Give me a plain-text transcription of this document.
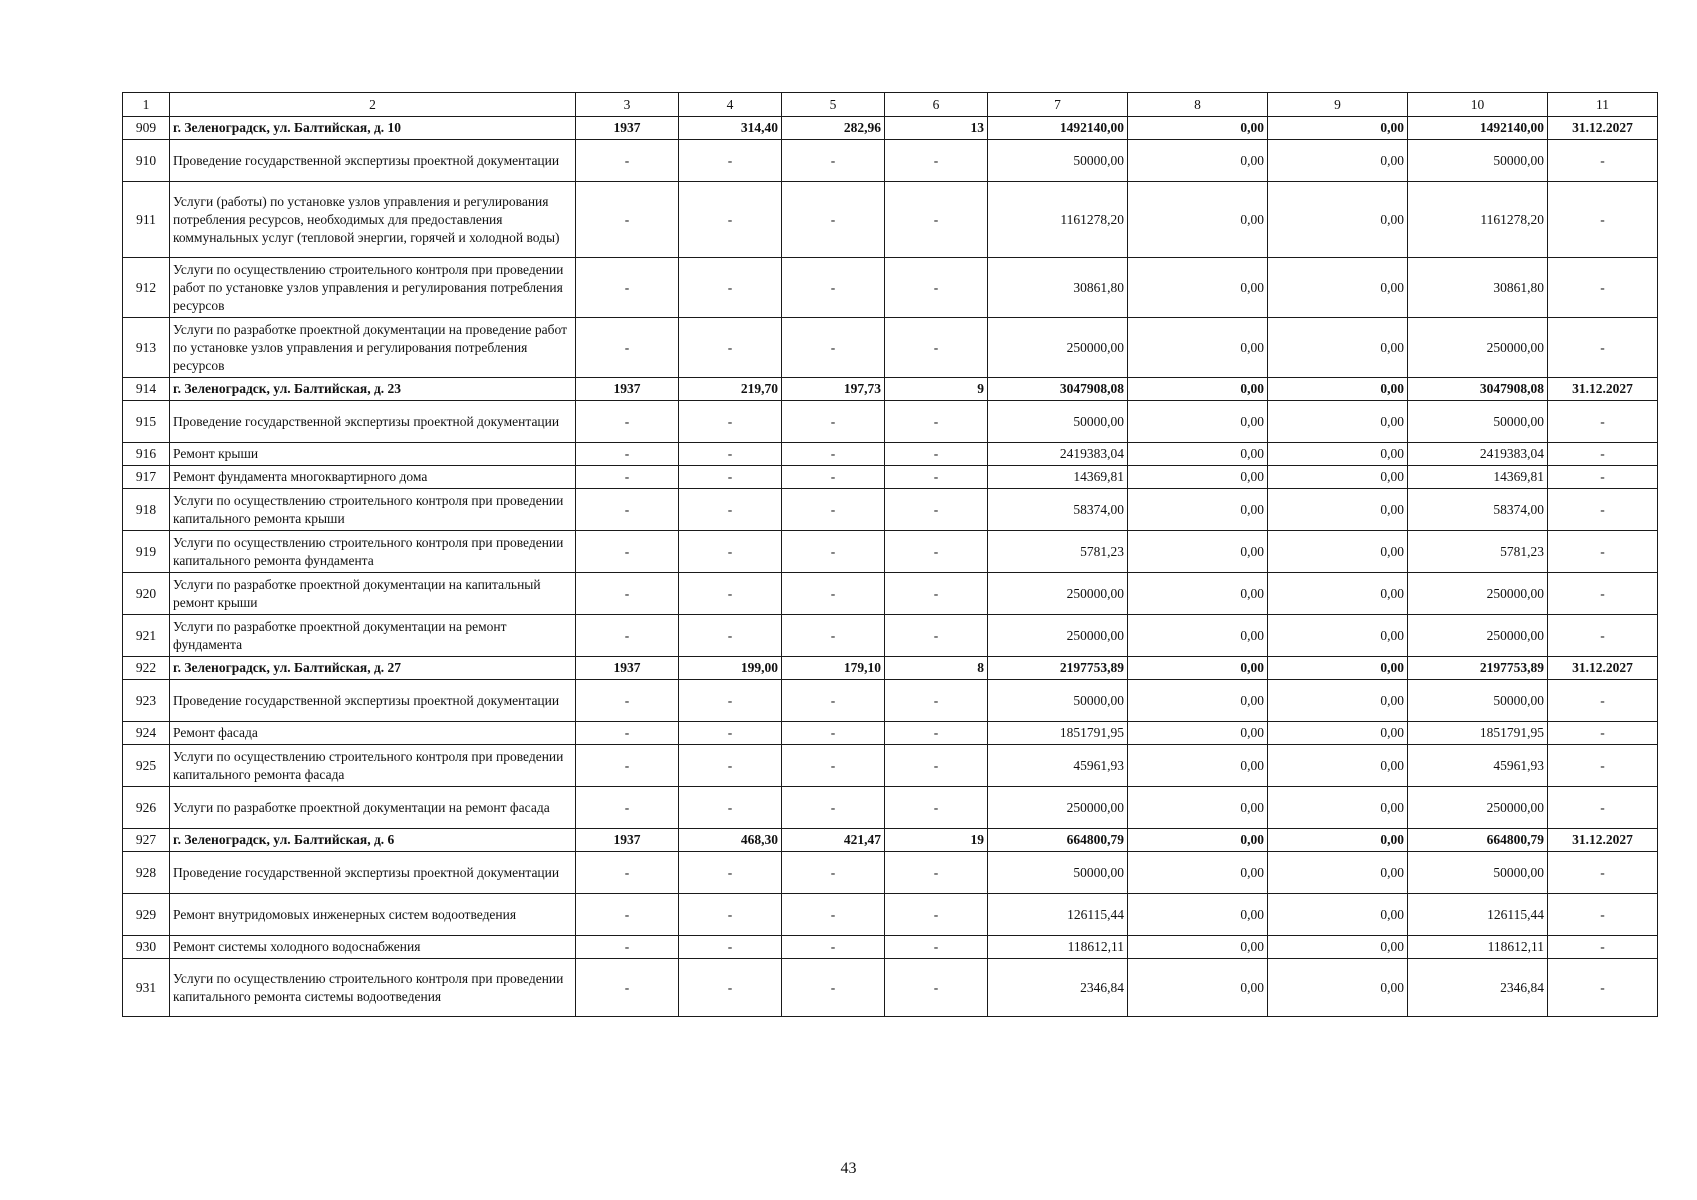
1	2	3	4	5	6	7	8	9	10	11
909	г. Зеленоградск, ул. Балтийская, д. 10	1937	314,40	282,96	13	1492140,00	0,00	0,00	1492140,00	31.12.2027
910	Проведение государственной экспертизы проектной документации	-	-	-	-	50000,00	0,00	0,00	50000,00	-
911	Услуги (работы) по установке узлов управления и регулирования потребления ресурсов, необходимых для предоставления коммунальных услуг (тепловой энергии, горячей и холодной воды)	-	-	-	-	1161278,20	0,00	0,00	1161278,20	-
912	Услуги по осуществлению строительного контроля при проведении работ по установке узлов управления и регулирования потребления ресурсов	-	-	-	-	30861,80	0,00	0,00	30861,80	-
913	Услуги по разработке проектной документации на проведение работ по установке узлов управления и регулирования потребления ресурсов	-	-	-	-	250000,00	0,00	0,00	250000,00	-
914	г. Зеленоградск, ул. Балтийская, д. 23	1937	219,70	197,73	9	3047908,08	0,00	0,00	3047908,08	31.12.2027
915	Проведение государственной экспертизы проектной документации	-	-	-	-	50000,00	0,00	0,00	50000,00	-
916	Ремонт крыши	-	-	-	-	2419383,04	0,00	0,00	2419383,04	-
917	Ремонт фундамента многоквартирного дома	-	-	-	-	14369,81	0,00	0,00	14369,81	-
918	Услуги по осуществлению строительного контроля при проведении капитального ремонта крыши	-	-	-	-	58374,00	0,00	0,00	58374,00	-
919	Услуги по осуществлению строительного контроля при проведении капитального ремонта фундамента	-	-	-	-	5781,23	0,00	0,00	5781,23	-
920	Услуги по разработке проектной документации на капитальный ремонт крыши	-	-	-	-	250000,00	0,00	0,00	250000,00	-
921	Услуги по разработке проектной документации на ремонт фундамента	-	-	-	-	250000,00	0,00	0,00	250000,00	-
922	г. Зеленоградск, ул. Балтийская, д. 27	1937	199,00	179,10	8	2197753,89	0,00	0,00	2197753,89	31.12.2027
923	Проведение государственной экспертизы проектной документации	-	-	-	-	50000,00	0,00	0,00	50000,00	-
924	Ремонт фасада	-	-	-	-	1851791,95	0,00	0,00	1851791,95	-
925	Услуги по осуществлению строительного контроля при проведении капитального ремонта фасада	-	-	-	-	45961,93	0,00	0,00	45961,93	-
926	Услуги по разработке проектной документации на ремонт фасада	-	-	-	-	250000,00	0,00	0,00	250000,00	-
927	г. Зеленоградск, ул. Балтийская, д. 6	1937	468,30	421,47	19	664800,79	0,00	0,00	664800,79	31.12.2027
928	Проведение государственной экспертизы проектной документации	-	-	-	-	50000,00	0,00	0,00	50000,00	-
929	Ремонт внутридомовых инженерных систем водоотведения	-	-	-	-	126115,44	0,00	0,00	126115,44	-
930	Ремонт системы холодного водоснабжения	-	-	-	-	118612,11	0,00	0,00	118612,11	-
931	Услуги по осуществлению строительного контроля при проведении капитального ремонта системы водоотведения	-	-	-	-	2346,84	0,00	0,00	2346,84	-
43
